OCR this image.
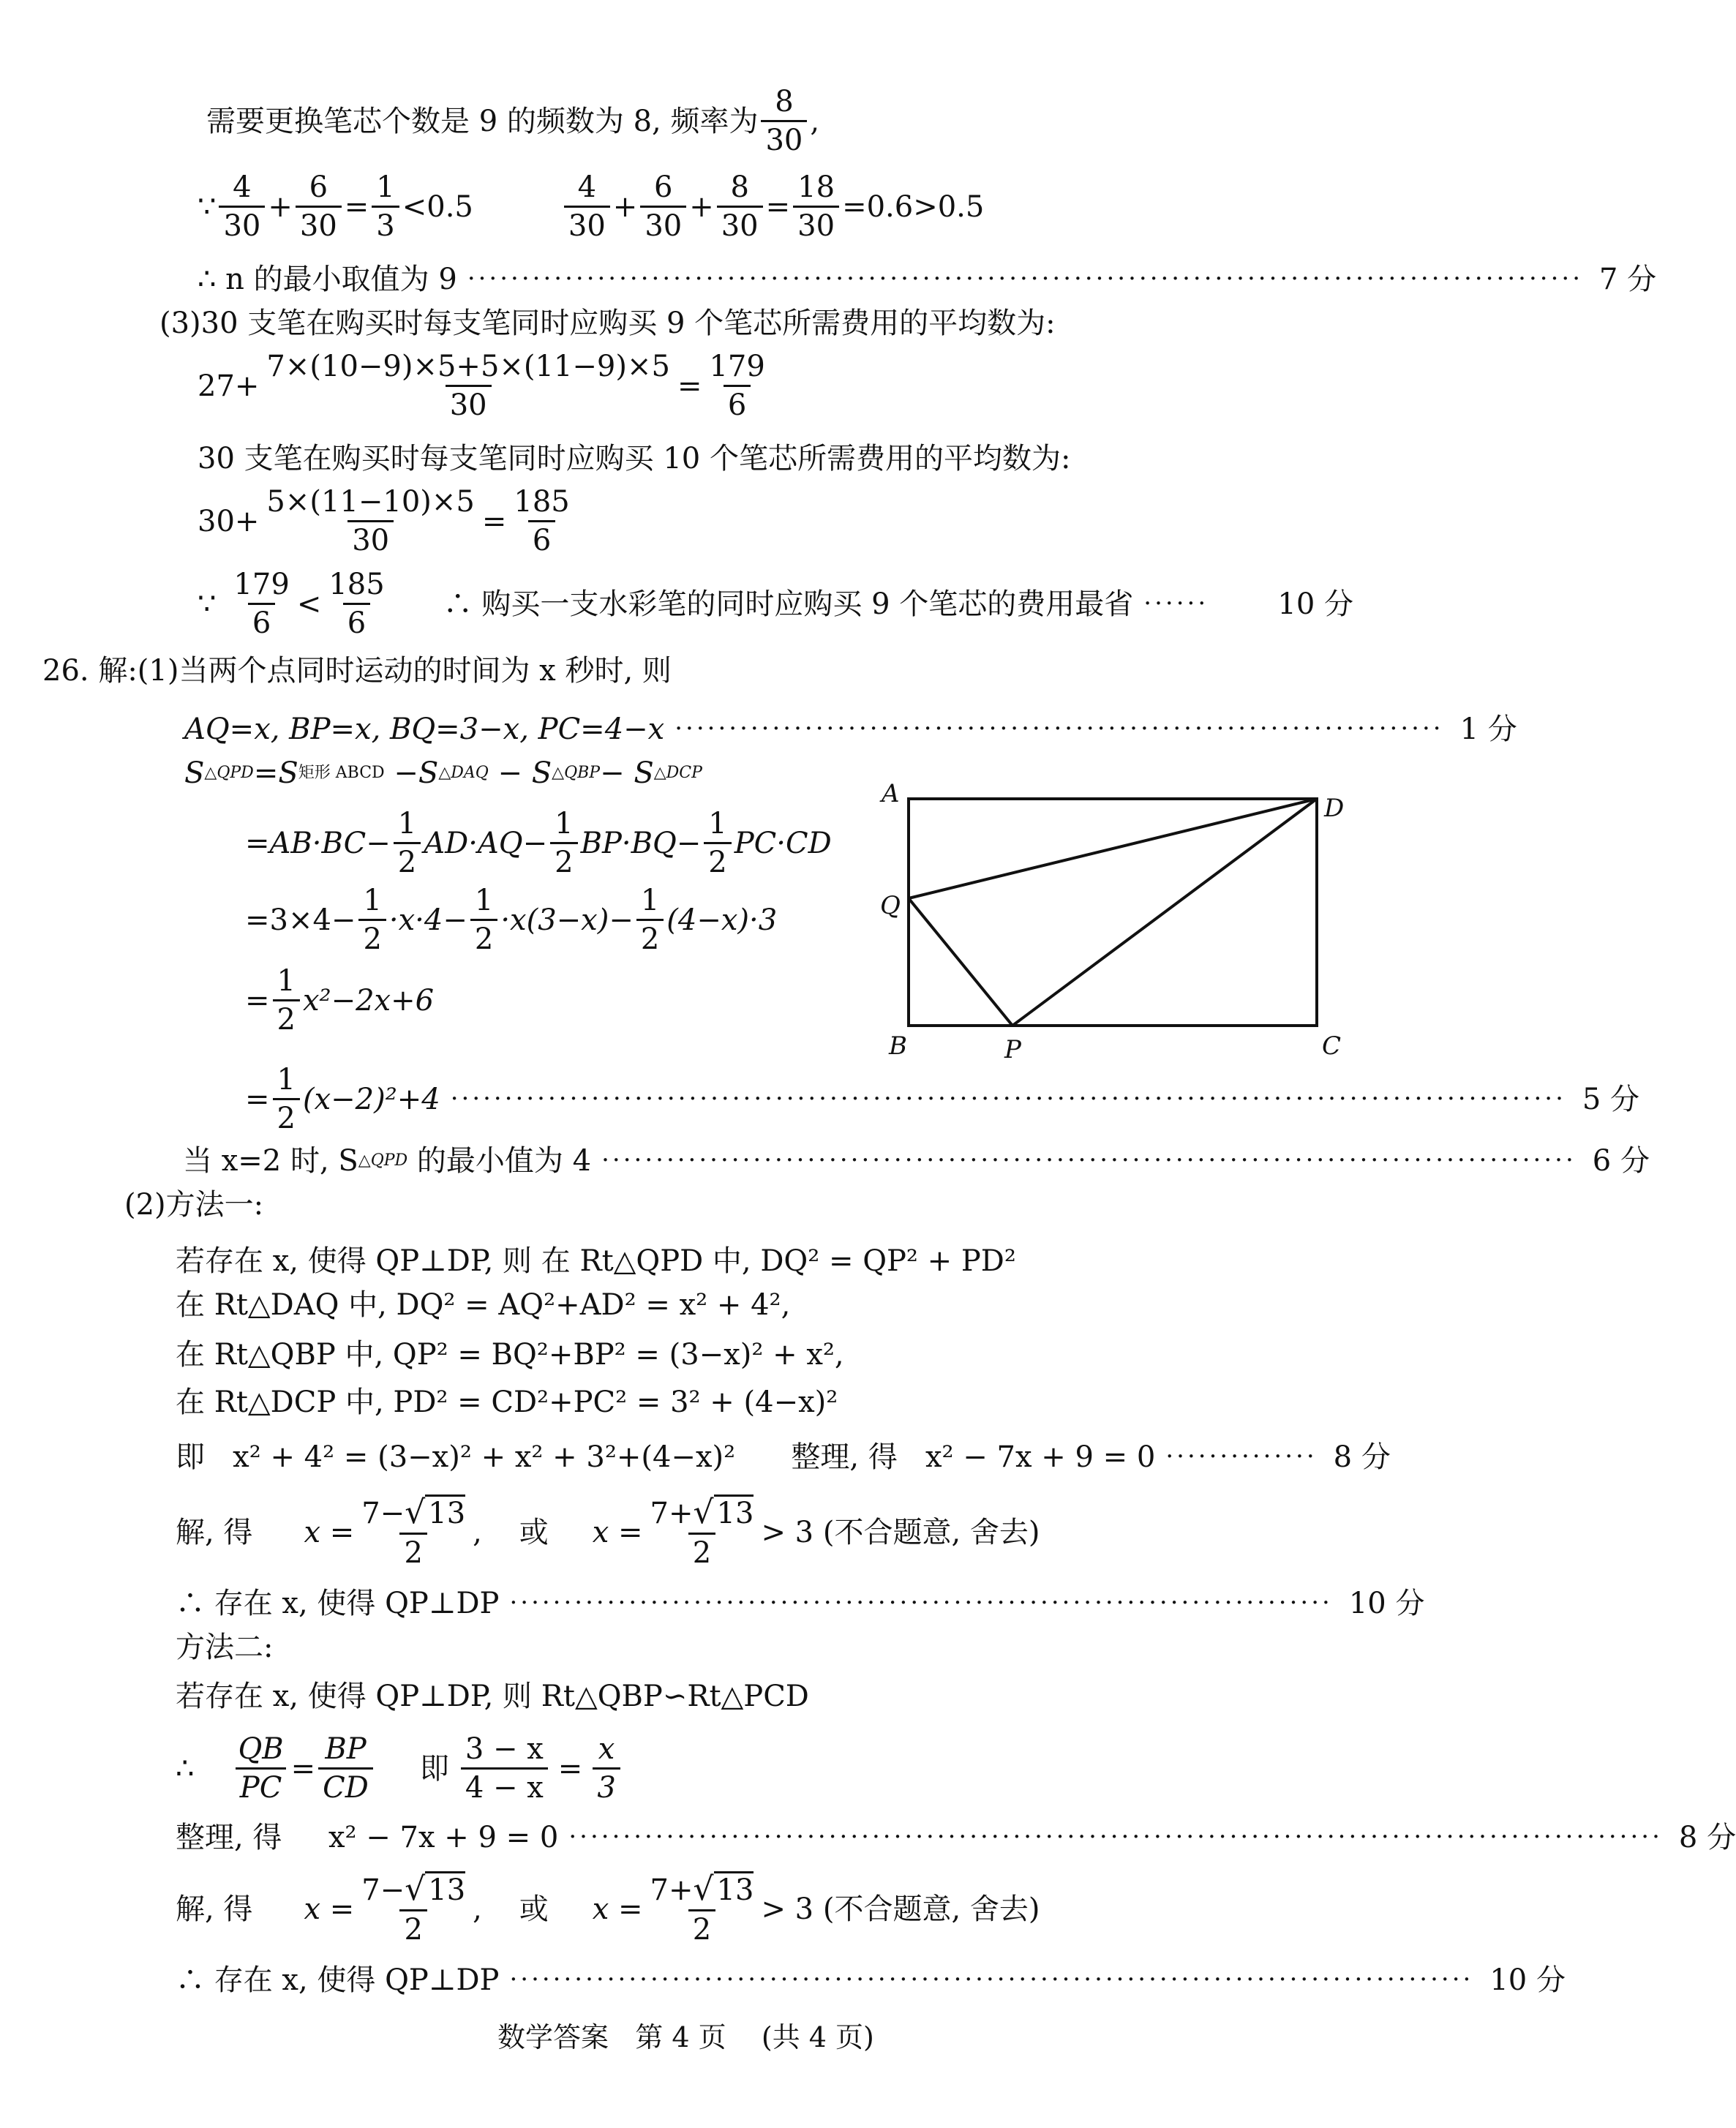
需要更换笔芯个数是 9 的频数为 8, 频率为 $\frac{8}{30}$ ,
∵ $\frac{4}{30} + \frac{6}{30} = \frac{1}{3} <0.5$	$\frac{4}{30} + \frac{6}{30} + \frac{8}{30} = \frac{18}{30} =0.6>0.5$
∴ n 的最小取值为 9 ······································································································· 7 分
(3)30 支笔在购买时每支笔同时应购买 9 个笔芯所需费用的平均数为:
$27+ \frac{7\times(10-9)\times 5+5\times(11-9)\times 5}{30} = \frac{179}{6}$
30 支笔在购买时每支笔同时应购买 10 个笔芯所需费用的平均数为:
$30+ \frac{5\times(11-10)\times 5}{30} = \frac{185}{6}$
∵ $\frac{179}{6} < \frac{185}{6}$ ∴ 购买一支水彩笔的同时应购买 9 个笔芯的费用最省 ······	10 分
26. 解:(1)当两个点同时运动的时间为 x 秒时, 则
AQ=x, BP=x, BQ=3−x, PC=4−x ······································································· 1 分
S △QPD =S 矩形 ABCD −S △DAQ − S △QBP − S △DCP
$=AB\cdot BC- \frac{1}{2} AD\cdot AQ- \frac{1}{2} BP\cdot BQ- \frac{1}{2} PC\cdot CD$
$=3\times 4- \frac{1}{2} \cdot x\cdot 4- \frac{1}{2} \cdot x(3-x)- \frac{1}{2} (4-x)\cdot 3$
= $\frac{1}{2} x^2-2x+6$
= $\frac{1}{2} (x-2)^2+4$ ······································································································· 5 分
当 x=2 时, S △QPD 的最小值为 4 ·························································································· 6 分
(2)方法一:
若存在 x, 使得 QP⊥DP, 则 在 Rt△QPD 中, DQ² = QP² + PD²
在 Rt△DAQ 中, DQ² = AQ²+AD² = x² + 4²,
在 Rt△QBP 中, QP² = BQ²+BP² = (3−x)² + x²,
在 Rt△DCP 中, PD² = CD²+PC² = 3² + (4−x)²
即   x² + 4² = (3−x)² + x² + 3²+(4−x)²      整理, 得   x² − 7x + 9 = 0 ·············· 8 分
解, 得 $x = \frac{7-√ 13}{2}$ ,    或 $x = \frac{7+√ 13}{2} > 3$ (不合题意, 舍去)
∴ 存在 x, 使得 QP⊥DP ············································································ 10 分
方法二:
若存在 x, 使得 QP⊥DP, 则 Rt△QBP∽Rt△PCD
∴ $\frac{QB}{PC} = \frac{BP}{CD}$ 即 $\frac{3 - x}{4 - x} = \frac{x}{3}$
整理, 得     x² − 7x + 9 = 0 ····································································································· 8 分
解, 得 $x = \frac{7-√ 13}{2}$ ,    或 $x = \frac{7+√ 13}{2} > 3$ (不合题意, 舍去)
∴ 存在 x, 使得 QP⊥DP ························································································· 10 分
A	D
Q
B	P	C
数学答案   第 4 页    (共 4 页)
